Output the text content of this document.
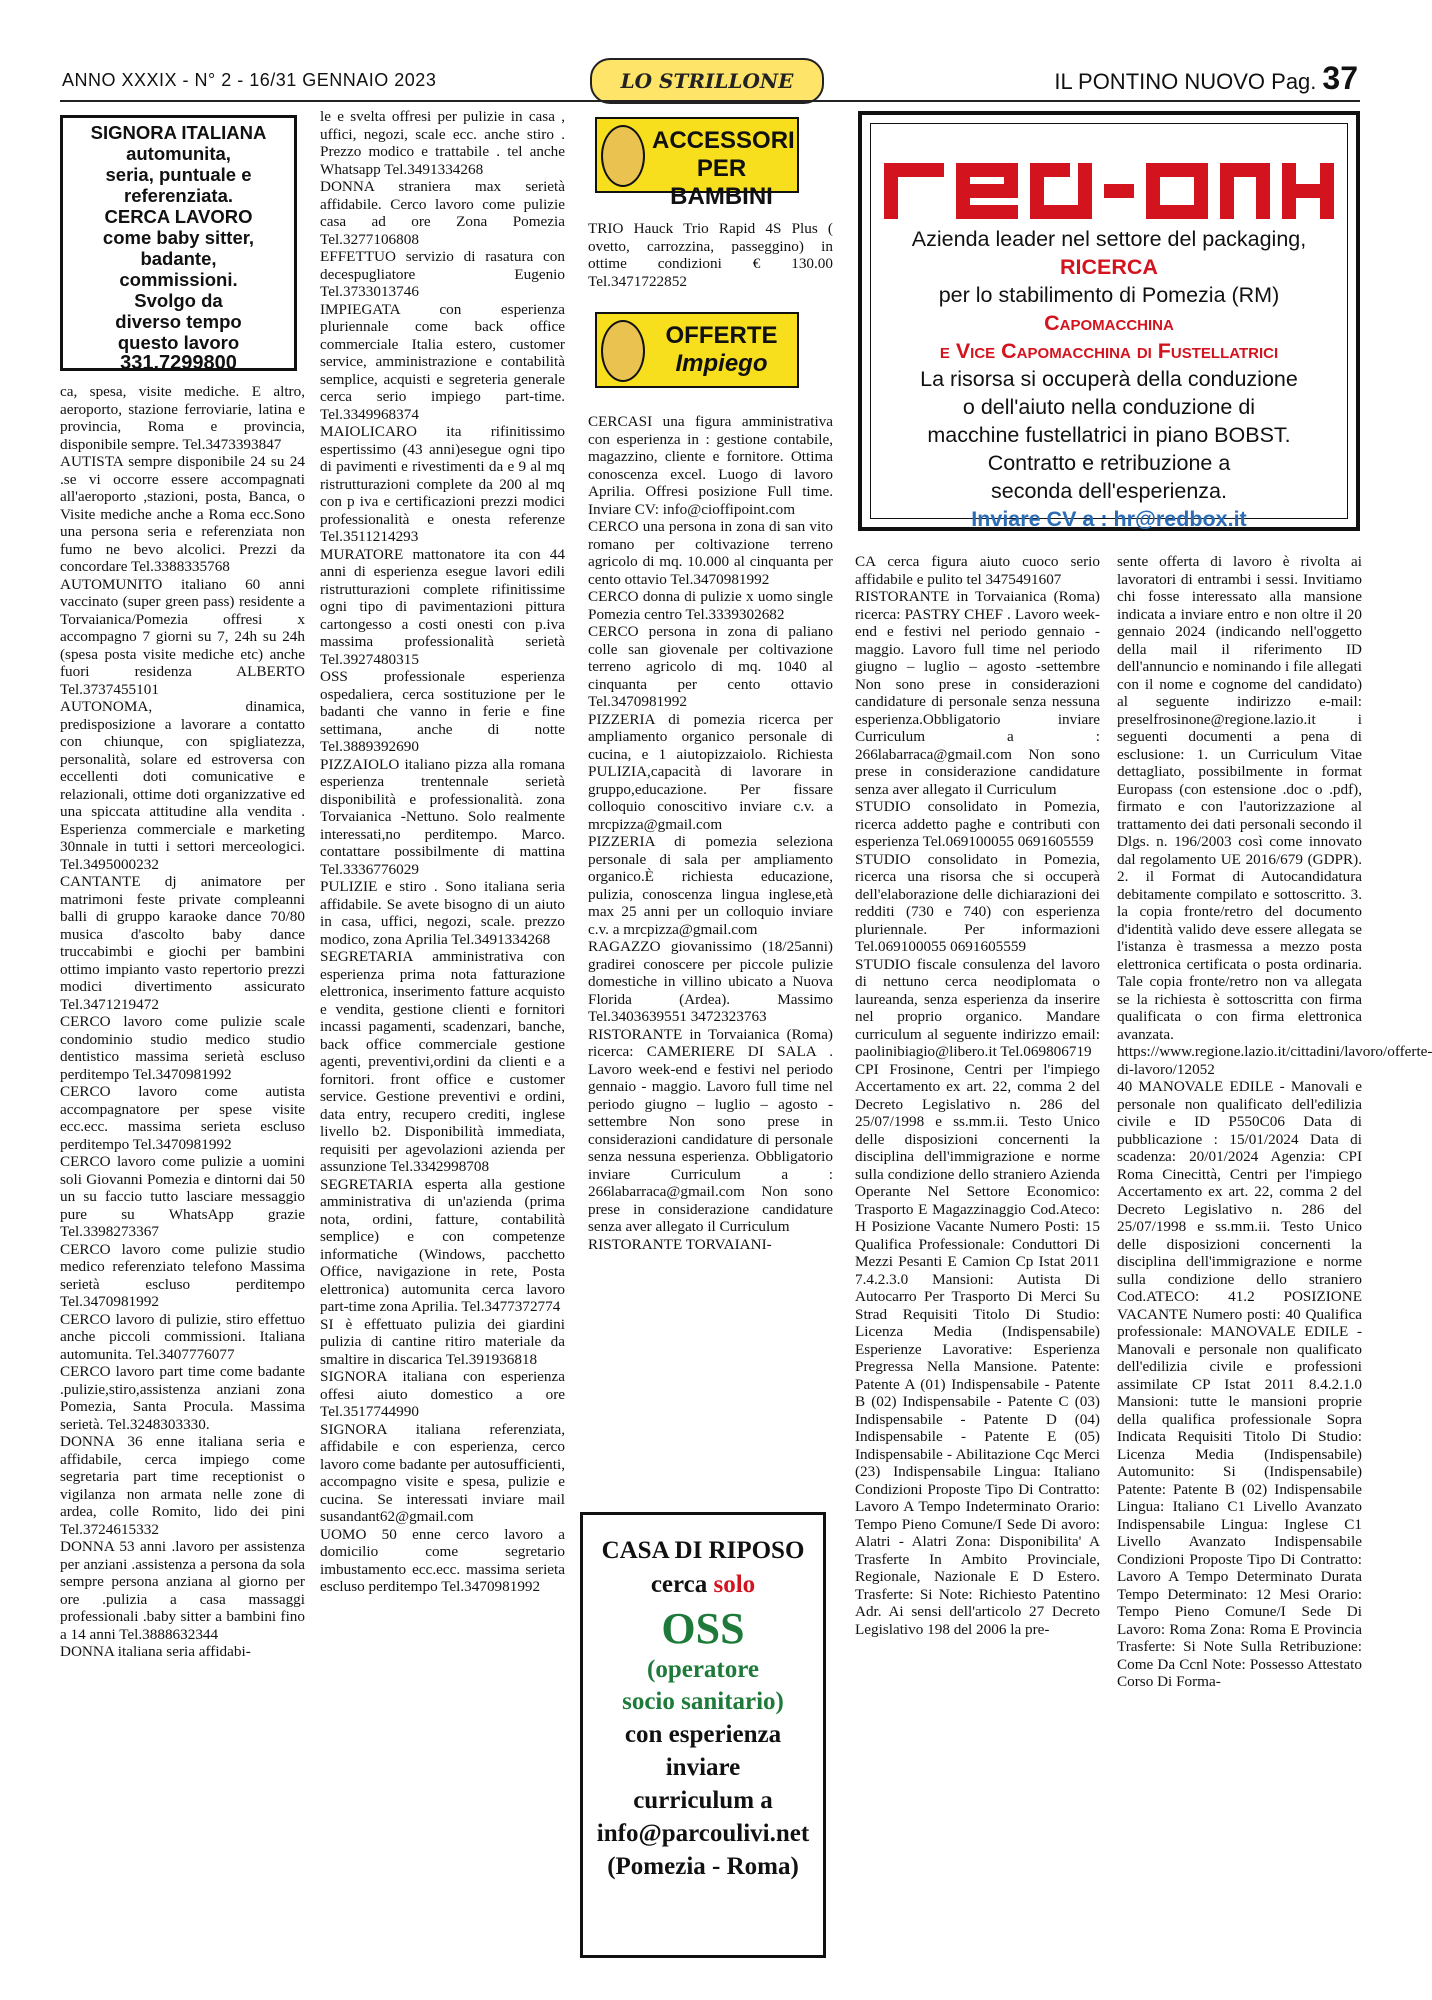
ANNO XXXIX - N° 2 - 16/31 GENNAIO 2023	LO STRILLONE	IL PONTINO NUOVO Pag. 37
SIGNORA ITALIANA
automunita,
seria, puntuale e
referenziata.
CERCA LAVORO
come baby sitter,
badante,
commissioni.
Svolgo da
diverso tempo
questo lavoro
331.7299800

ca, spesa, visite mediche. E altro, aeroporto, stazione ferroviarie, latina e provincia, Roma e provincia, disponibile sempre. Tel.3473393847

AUTISTA sempre disponibile 24 su 24 .se vi occorre essere accompagnati all'aeroporto ,stazioni, posta, Banca, o Visite mediche anche a Roma ecc.Sono una persona seria e referenziata non fumo ne bevo alcolici. Prezzi da concordare Tel.3388335768

AUTOMUNITO italiano 60 anni vaccinato (super green pass) residente a Torvaianica/Pomezia offresi x accompagno 7 giorni su 7, 24h su 24h (spesa posta visite mediche etc) anche fuori residenza ALBERTO Tel.3737455101

AUTONOMA, dinamica, predisposizione a lavorare a contatto con chiunque, con spigliatezza, personalità, solare ed estroversa con eccellenti doti comunicative e relazionali, ottime doti organizzative ed una spiccata attitudine alla vendita . Esperienza commerciale e marketing 30nnale in tutti i settori merceologici. Tel.3495000232

CANTANTE dj animatore per matrimoni feste private compleanni balli di gruppo karaoke dance 70/80 musica d'ascolto baby dance truccabimbi e giochi per bambini ottimo impianto vasto repertorio prezzi modici divertimento assicurato Tel.3471219472

CERCO lavoro come pulizie scale condominio studio medico studio dentistico massima serietà escluso perditempo Tel.3470981992

CERCO lavoro come autista accompagnatore per spese visite ecc.ecc. massima serieta escluso perditempo Tel.3470981992

CERCO lavoro come pulizie a uomini soli Giovanni Pomezia e dintorni dai 50 un su faccio tutto lasciare messaggio pure su WhatsApp grazie Tel.3398273367

CERCO lavoro come pulizie studio medico referenziato telefono Massima serietà escluso perditempo Tel.3470981992

CERCO lavoro di pulizie, stiro effettuo anche piccoli commissioni. Italiana automunita. Tel.3407776077

CERCO lavoro part time come badante .pulizie,stiro,assistenza anziani zona Pomezia, Santa Procula. Massima serietà. Tel.3248303330.

DONNA 36 enne italiana seria e affidabile, cerca impiego come segretaria part time receptionist o vigilanza non armata nelle zone di ardea, colle Romito, lido dei pini Tel.3724615332

DONNA 53 anni .lavoro per assistenza per anziani .assistenza a persona da sola sempre persona anziana al giorno per ore .pulizia a casa massaggi professionali .baby sitter a bambini fino a 14 anni Tel.3888632344

DONNA italiana seria affidabi-

le e svelta offresi per pulizie in casa , uffici, negozi, scale ecc. anche stiro . Prezzo modico e trattabile . tel anche Whatsapp Tel.3491334268

DONNA straniera max serietà affidabile. Cerco lavoro come pulizie casa ad ore Zona Pomezia Tel.3277106808

EFFETTUO servizio di rasatura con decespugliatore Eugenio Tel.3733013746

IMPIEGATA con esperienza pluriennale come back office commerciale Italia estero, customer service, amministrazione e contabilità semplice, acquisti e segreteria generale cerca serio impiego part-time. Tel.3349968374

MAIOLICARO ita rifinitissimo espertissimo (43 anni)esegue ogni tipo di pavimenti e rivestimenti da e 9 al mq ristrutturazioni complete da 200 al mq con p iva e certificazioni prezzi modici professionalità e onesta referenze Tel.3511214293

MURATORE mattonatore ita con 44 anni di esperienza esegue lavori edili ristrutturazioni complete rifinitissime ogni tipo di pavimentazioni pittura cartongesso a costi onesti con p.iva massima professionalità serietà Tel.3927480315

OSS professionale esperienza ospedaliera, cerca sostituzione per le badanti che vanno in ferie e fine settimana, anche di notte Tel.3889392690

PIZZAIOLO italiano pizza alla romana esperienza trentennale serietà disponibilità e professionalità. zona Torvaianica -Nettuno. Solo realmente interessati,no perditempo. Marco. contattare possibilmente di mattina Tel.3336776029

PULIZIE e stiro . Sono italiana seria affidabile. Se avete bisogno di un aiuto in casa, uffici, negozi, scale. prezzo modico, zona Aprilia Tel.3491334268

SEGRETARIA amministrativa con esperienza prima nota fatturazione elettronica, inserimento fatture acquisto e vendita, gestione clienti e fornitori incassi pagamenti, scadenzari, banche, back office commerciale gestione agenti, preventivi,ordini da clienti e a fornitori. front office e customer service. Gestione preventivi e ordini, data entry, recupero crediti, inglese livello b2. Disponibilità immediata, requisiti per agevolazioni azienda per assunzione Tel.3342998708

SEGRETARIA esperta alla gestione amministrativa di un'azienda (prima nota, ordini, fatture, contabilità semplice) e con competenze informatiche (Windows, pacchetto Office, navigazione in rete, Posta elettronica) automunita cerca lavoro part-time zona Aprilia. Tel.3477372774

SI è effettuato pulizia dei giardini pulizia di cantine ritiro materiale da smaltire in discarica Tel.391936818

SIGNORA italiana con esperienza offesi aiuto domestico a ore Tel.3517744990

SIGNORA italiana referenziata, affidabile e con esperienza, cerco lavoro come badante per autosufficienti, accompagno visite e spesa, pulizie e cucina. Se interessati inviare mail susandant62@gmail.com

UOMO 50 enne cerco lavoro a domicilio come segretario imbustamento ecc.ecc. massima serieta escluso perditempo Tel.3470981992

ACCESSORI
PER BAMBINI

TRIO Hauck Trio Rapid 4S Plus ( ovetto, carrozzina, passeggino) in ottime condizioni € 130.00 Tel.3471722852

OFFERTE
Impiego

CERCASI una figura amministrativa con esperienza in : gestione contabile, magazzino, cliente e fornitore. Ottima conoscenza excel. Luogo di lavoro Aprilia. Offresi posizione Full time. Inviare CV: info@cioffipoint.com

CERCO una persona in zona di san vito romano per coltivazione terreno agricolo di mq. 10.000 al cinquanta per cento ottavio Tel.3470981992

CERCO donna di pulizie x uomo single Pomezia centro Tel.3339302682

CERCO persona in zona di paliano colle san giovenale per coltivazione terreno agricolo di mq. 1040 al cinquanta per cento ottavio Tel.3470981992

PIZZERIA di pomezia ricerca per ampliamento organico personale di cucina, e 1 aiutopizzaiolo. Richiesta PULIZIA,capacità di lavorare in gruppo,educazione. Per fissare colloquio conoscitivo inviare c.v. a mrcpizza@gmail.com

PIZZERIA di pomezia seleziona personale di sala per ampliamento organico.È richiesta educazione, pulizia, conoscenza lingua inglese,età max 25 anni per un colloquio inviare c.v. a mrcpizza@gmail.com

RAGAZZO giovanissimo (18/25anni) gradirei conoscere per piccole pulizie domestiche in villino ubicato a Nuova Florida (Ardea). Massimo Tel.3403639551 3472323763

RISTORANTE in Torvaianica (Roma) ricerca: CAMERIERE DI SALA . Lavoro week-end e festivi nel periodo gennaio - maggio. Lavoro full time nel periodo giugno – luglio – agosto -settembre Non sono prese in considerazioni candidature di personale senza nessuna esperienza. Obbligatorio inviare Curriculum a : 266labarraca@gmail.com Non sono prese in considerazione candidature senza aver allegato il Curriculum

RISTORANTE TORVAIANI-

Azienda leader nel settore del packaging,
RICERCA
per lo stabilimento di Pomezia (RM)
Capomacchina
e Vice Capomacchina di Fustellatrici
La risorsa si occuperà della conduzione
o dell'aiuto nella conduzione di
macchine fustellatrici in piano BOBST.
Contratto e retribuzione a
seconda dell'esperienza.
Inviare CV a : hr@redbox.it

CA cerca figura aiuto cuoco serio affidabile e pulito tel 3475491607

RISTORANTE in Torvaianica (Roma) ricerca: PASTRY CHEF . Lavoro week-end e festivi nel periodo gennaio - maggio. Lavoro full time nel periodo giugno – luglio – agosto -settembre Non sono prese in considerazioni candidature di personale senza nessuna esperienza.Obbligatorio inviare Curriculum a : 266labarraca@gmail.com Non sono prese in considerazione candidature senza aver allegato il Curriculum

STUDIO consolidato in Pomezia, ricerca addetto paghe e contributi con esperienza Tel.069100055 0691605559

STUDIO consolidato in Pomezia, ricerca una risorsa che si occuperà dell'elaborazione delle dichiarazioni dei redditi (730 e 740) con esperienza pluriennale. Per informazioni Tel.069100055 0691605559

STUDIO fiscale consulenza del lavoro di nettuno cerca neodiplomata o laureanda, senza esperienza da inserire nel proprio organico. Mandare curriculum al seguente indirizzo email: paolinibiagio@libero.it Tel.069806719

CPI Frosinone, Centri per l'impiego Accertamento ex art. 22, comma 2 del Decreto Legislativo n. 286 del 25/07/1998 e ss.mm.ii. Testo Unico delle disposizioni concernenti la disciplina dell'immigrazione e norme sulla condizione dello straniero Azienda Operante Nel Settore Economico: Trasporto E Magazzinaggio Cod.Ateco: H Posizione Vacante Numero Posti: 15 Qualifica Professionale: Conduttori Di Mezzi Pesanti E Camion Cp Istat 2011 7.4.2.3.0 Mansioni: Autista Di Autocarro Per Trasporto Di Merci Su Strad Requisiti Titolo Di Studio: Licenza Media (Indispensabile) Esperienze Lavorative: Esperienza Pregressa Nella Mansione. Patente: Patente A (01) Indispensabile - Patente B (02) Indispensabile - Patente C (03) Indispensabile - Patente D (04) Indispensabile - Patente E (05) Indispensabile - Abilitazione Cqc Merci (23) Indispensabile Lingua: Italiano Condizioni Proposte Tipo Di Contratto: Lavoro A Tempo Indeterminato Orario: Tempo Pieno Comune/I Sede Di avoro: Alatri - Alatri Zona: Disponibilita' A Trasferte In Ambito Provinciale, Regionale, Nazionale E D Estero. Trasferte: Si Note: Richiesto Patentino Adr. Ai sensi dell'articolo 27 Decreto Legislativo 198 del 2006 la pre-

sente offerta di lavoro è rivolta ai lavoratori di entrambi i sessi. Invitiamo chi fosse interessato alla mansione indicata a inviare entro e non oltre il 20 gennaio 2024 (indicando nell'oggetto della mail il riferimento ID dell'annuncio e nominando i file allegati con il nome e cognome del candidato) al seguente indirizzo e-mail: preselfrosinone@regione.lazio.it i seguenti documenti a pena di esclusione: 1. un Curriculum Vitae dettagliato, possibilmente in format Europass (con estensione .doc o .pdf), firmato e con l'autorizzazione al trattamento dei dati personali secondo il Dlgs. n. 196/2003 così come innovato dal regolamento UE 2016/679 (GDPR). 2. il Format di Autocandidatura debitamente compilato e sottoscritto. 3. la copia fronte/retro del documento d'identità valido deve essere allegata se l'istanza è trasmessa a mezzo posta elettronica certificata o posta ordinaria. Tale copia fronte/retro non va allegata se la richiesta è sottoscritta con firma qualificata o con firma elettronica avanzata. https://www.regione.lazio.it/cittadini/lavoro/offerte-di-lavoro/12052

40 MANOVALE EDILE - Manovali e personale non qualificato dell'edilizia civile e ID P550C06 Data di pubblicazione : 15/01/2024 Data di scadenza: 20/01/2024 Agenzia: CPI Roma Cinecittà, Centri per l'impiego Accertamento ex art. 22, comma 2 del Decreto Legislativo n. 286 del 25/07/1998 e ss.mm.ii. Testo Unico delle disposizioni concernenti la disciplina dell'immigrazione e norme sulla condizione dello straniero Cod.ATECO: 41.2 POSIZIONE VACANTE Numero posti: 40 Qualifica professionale: MANOVALE EDILE - Manovali e personale non qualificato dell'edilizia civile e professioni assimilate CP Istat 2011 8.4.2.1.0 Mansioni: tutte le mansioni proprie della qualifica professionale Sopra Indicata Requisiti Titolo Di Studio: Licenza Media (Indispensabile) Automunito: Si (Indispensabile) Patente: Patente B (02) Indispensabile Lingua: Italiano C1 Livello Avanzato Indispensabile Lingua: Inglese C1 Livello Avanzato Indispensabile Condizioni Proposte Tipo Di Contratto: Lavoro A Tempo Determinato Durata Tempo Determinato: 12 Mesi Orario: Tempo Pieno Comune/I Sede Di Lavoro: Roma Zona: Roma E Provincia Trasferte: Si Note Sulla Retribuzione: Come Da Ccnl Note: Possesso Attestato Corso Di Forma-

CASA DI RIPOSO
cerca solo
OSS
(operatore
socio sanitario)
con esperienza
inviare
curriculum a
info@parcoulivi.net
(Pomezia - Roma)
